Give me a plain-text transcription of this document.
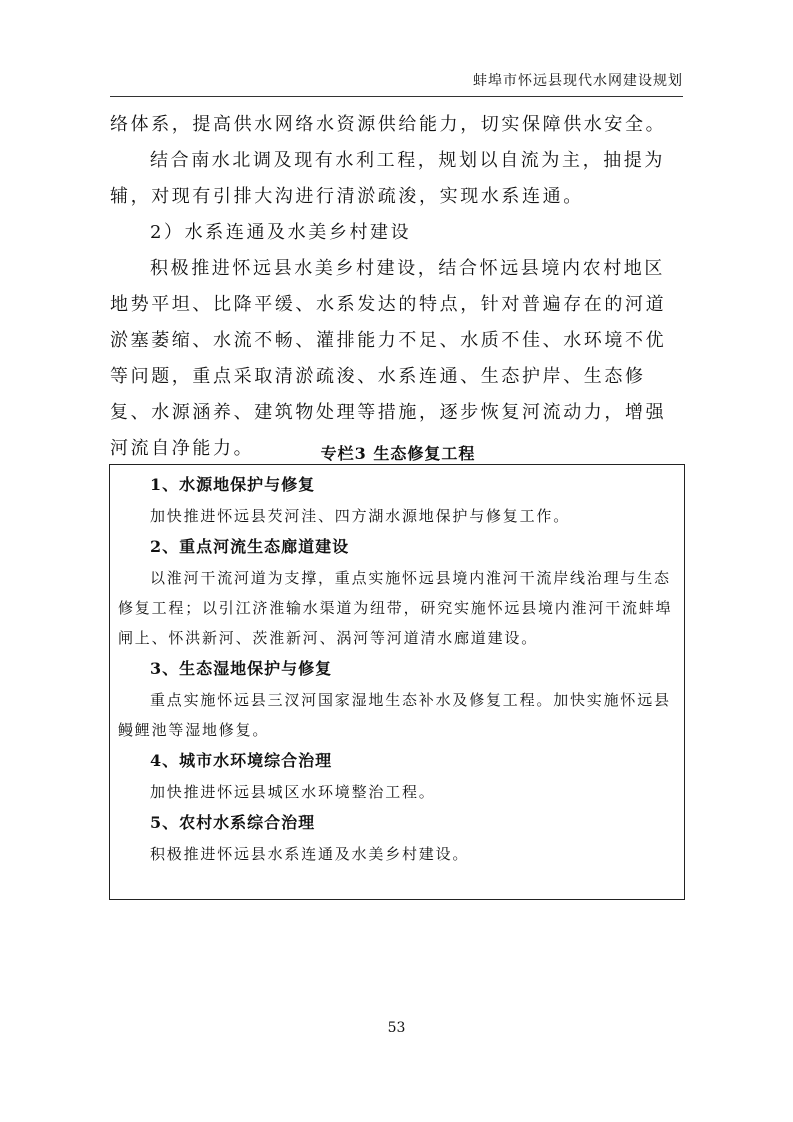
蚌埠市怀远县现代水网建设规划

络体系，提高供水网络水资源供给能力，切实保障供水安全。

结合南水北调及现有水利工程，规划以自流为主，抽提为辅，对现有引排大沟进行清淤疏浚，实现水系连通。

2）水系连通及水美乡村建设

积极推进怀远县水美乡村建设，结合怀远县境内农村地区地势平坦、比降平缓、水系发达的特点，针对普遍存在的河道淤塞萎缩、水流不畅、灌排能力不足、水质不佳、水环境不优等问题，重点采取清淤疏浚、水系连通、生态护岸、生态修复、水源涵养、建筑物处理等措施，逐步恢复河流动力，增强河流自净能力。	专栏3 生态修复工程
1、水源地保护与修复

加快推进怀远县芡河洼、四方湖水源地保护与修复工作。

2、重点河流生态廊道建设

以淮河干流河道为支撑，重点实施怀远县境内淮河干流岸线治理与生态修复工程；以引江济淮输水渠道为纽带，研究实施怀远县境内淮河干流蚌埠闸上、怀洪新河、茨淮新河、涡河等河道清水廊道建设。

3、生态湿地保护与修复

重点实施怀远县三汊河国家湿地生态补水及修复工程。加快实施怀远县鳗鲤池等湿地修复。

4、城市水环境综合治理

加快推进怀远县城区水环境整治工程。

5、农村水系综合治理

积极推进怀远县水系连通及水美乡村建设。

53
